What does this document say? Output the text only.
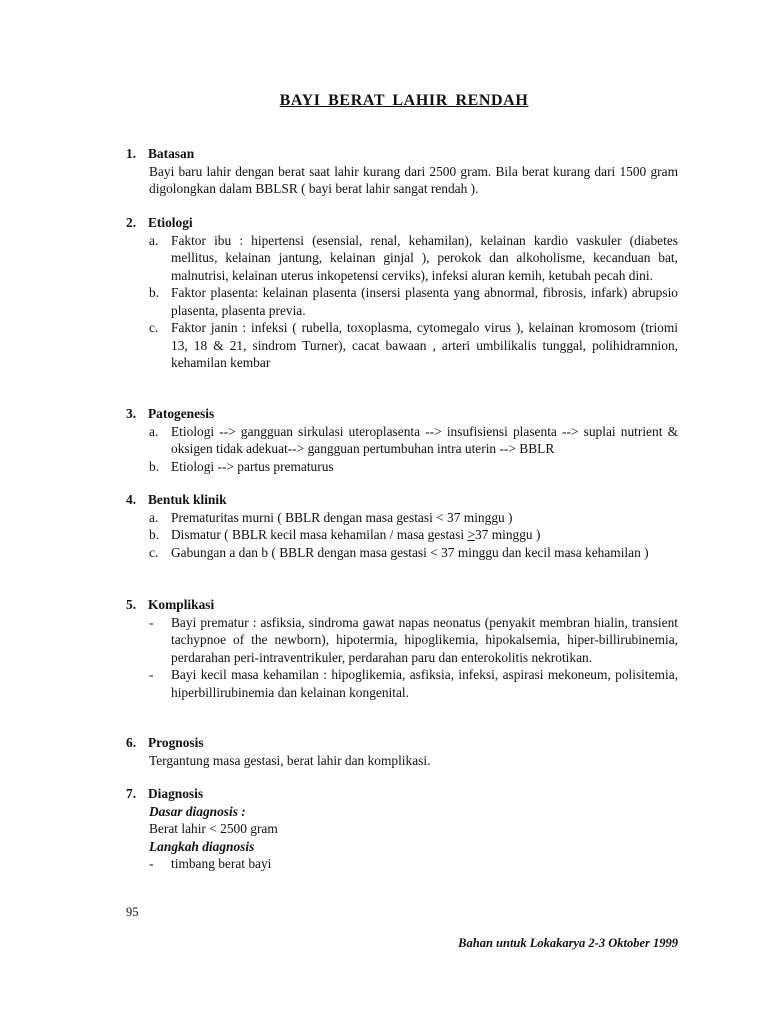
BAYI BERAT LAHIR RENDAH
1. Batasan
Bayi baru lahir dengan berat saat lahir kurang dari 2500 gram. Bila berat kurang dari 1500 gram digolongkan dalam BBLSR ( bayi berat lahir sangat rendah ).
2. Etiologi
a. Faktor ibu : hipertensi (esensial, renal, kehamilan), kelainan kardio vaskuler (diabetes mellitus, kelainan jantung, kelainan ginjal ), perokok dan alkoholisme, kecanduan bat, malnutrisi, kelainan uterus inkopetensi cerviks), infeksi aluran kemih, ketubah pecah dini.
b. Faktor plasenta: kelainan plasenta (insersi plasenta yang abnormal, fibrosis, infark) abrupsio plasenta, plasenta previa.
c. Faktor janin : infeksi ( rubella, toxoplasma, cytomegalo virus ), kelainan kromosom (triomi 13, 18 & 21, sindrom Turner), cacat bawaan , arteri umbilikalis tunggal, polihidramnion, kehamilan kembar
3. Patogenesis
a. Etiologi --> gangguan sirkulasi uteroplasenta --> insufisiensi plasenta --> suplai nutrient & oksigen tidak adekuat--> gangguan pertumbuhan intra uterin --> BBLR
b. Etiologi --> partus prematurus
4. Bentuk klinik
a. Prematuritas murni ( BBLR dengan masa gestasi < 37 minggu )
b. Dismatur ( BBLR kecil masa kehamilan / masa gestasi ≥37 minggu )
c. Gabungan a dan b ( BBLR dengan masa gestasi < 37 minggu dan kecil masa kehamilan )
5. Komplikasi
-	Bayi prematur : asfiksia, sindroma gawat napas neonatus (penyakit membran hialin, transient tachypnoe of the newborn), hipotermia, hipoglikemia, hipokalsemia, hiper-billirubinemia, perdarahan peri-intraventrikuler, perdarahan paru dan enterokolitis nekrotikan.
-	Bayi kecil masa kehamilan : hipoglikemia, asfiksia, infeksi, aspirasi mekoneum, polisitemia, hiperbillirubinemia dan kelainan kongenital.
6. Prognosis
Tergantung masa gestasi, berat lahir dan komplikasi.
7. Diagnosis
Dasar diagnosis :
Berat lahir < 2500 gram
Langkah diagnosis
-	timbang berat bayi
95
Bahan untuk Lokakarya 2-3 Oktober 1999
